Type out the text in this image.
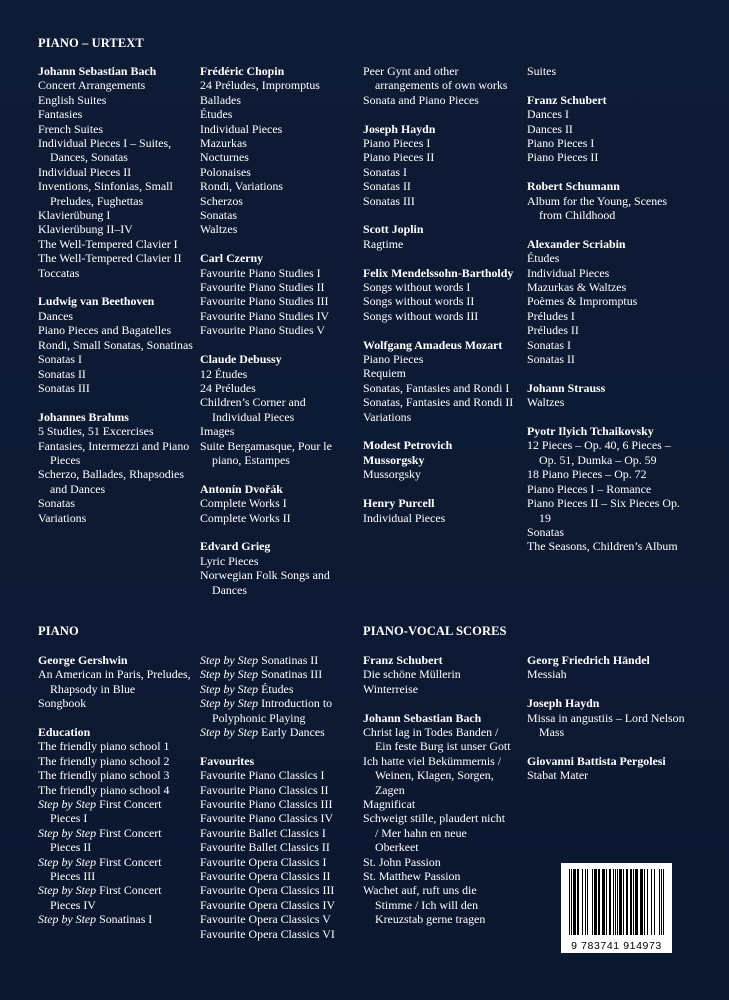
PIANO – URTEXT
PIANO	PIANO-VOCAL SCORES
Johann Sebastian Bach
Concert Arrangements
English Suites
Fantasies
French Suites
Individual Pieces I – Suites, Dances, Sonatas
Individual Pieces II
Inventions, Sinfonias, Small Preludes, Fughettas
Klavierübung I
Klavierübung II–IV
The Well-Tempered Clavier I
The Well-Tempered Clavier II
Toccatas
Ludwig van Beethoven
Dances
Piano Pieces and Bagatelles
Rondi, Small Sonatas, Sonatinas
Sonatas I
Sonatas II
Sonatas III
Johannes Brahms
5 Studies, 51 Excercises
Fantasies, Intermezzi and Piano Pieces
Scherzo, Ballades, Rhapsodies and Dances
Sonatas
Variations
Frédéric Chopin
24 Préludes, Impromptus
Ballades
Études
Individual Pieces
Mazurkas
Nocturnes
Polonaises
Rondi, Variations
Scherzos
Sonatas
Waltzes
Carl Czerny
Favourite Piano Studies I
Favourite Piano Studies II
Favourite Piano Studies III
Favourite Piano Studies IV
Favourite Piano Studies V
Claude Debussy
12 Études
24 Préludes
Children’s Corner and Individual Pieces
Images
Suite Bergamasque, Pour le piano, Estampes
Antonín Dvořák
Complete Works I
Complete Works II
Edvard Grieg
Lyric Pieces
Norwegian Folk Songs and Dances
Peer Gynt and other arrangements of own works
Sonata and Piano Pieces
Joseph Haydn
Piano Pieces I
Piano Pieces II
Sonatas I
Sonatas II
Sonatas III
Scott Joplin
Ragtime
Felix Mendelssohn-Bartholdy
Songs without words I
Songs without words II
Songs without words III
Wolfgang Amadeus Mozart
Piano Pieces
Requiem
Sonatas, Fantasies and Rondi I
Sonatas, Fantasies and Rondi II
Variations
Modest Petrovich Mussorgsky
Mussorgsky
Henry Purcell
Individual Pieces
Suites
Franz Schubert
Dances I
Dances II
Piano Pieces I
Piano Pieces II
Robert Schumann
Album for the Young, Scenes from Childhood
Alexander Scriabin
Études
Individual Pieces
Mazurkas & Waltzes
Poèmes & Impromptus
Préludes I
Préludes II
Sonatas I
Sonatas II
Johann Strauss
Waltzes
Pyotr Ilyich Tchaikovsky
12 Pieces – Op. 40, 6 Pieces – Op. 51, Dumka – Op. 59
18 Piano Pieces – Op. 72
Piano Pieces I – Romance
Piano Pieces II – Six Pieces Op. 19
Sonatas
The Seasons, Children’s Album
George Gershwin
An American in Paris, Preludes, Rhapsody in Blue
Songbook
Education
The friendly piano school 1
The friendly piano school 2
The friendly piano school 3
The friendly piano school 4
Step by Step First Concert Pieces I
Step by Step First Concert Pieces II
Step by Step First Concert Pieces III
Step by Step First Concert Pieces IV
Step by Step Sonatinas I
Step by Step Sonatinas II
Step by Step Sonatinas III
Step by Step Études
Step by Step Introduction to Polyphonic Playing
Step by Step Early Dances
Favourites
Favourite Piano Classics I
Favourite Piano Classics II
Favourite Piano Classics III
Favourite Piano Classics IV
Favourite Ballet Classics I
Favourite Ballet Classics II
Favourite Opera Classics I
Favourite Opera Classics II
Favourite Opera Classics III
Favourite Opera Classics IV
Favourite Opera Classics V
Favourite Opera Classics VI
Franz Schubert
Die schöne Müllerin
Winterreise
Johann Sebastian Bach
Christ lag in Todes Banden / Ein feste Burg ist unser Gott
Ich hatte viel Bekümmernis / Weinen, Klagen, Sorgen, Zagen
Magnificat
Schweigt stille, plaudert nicht / Mer hahn en neue Oberkeet
St. John Passion
St. Matthew Passion
Wachet auf, ruft uns die Stimme / Ich will den Kreuzstab gerne tragen
Georg Friedrich Händel
Messiah
Joseph Haydn
Missa in angustiis – Lord Nelson Mass
Giovanni Battista Pergolesi
Stabat Mater
9 783741 914973
